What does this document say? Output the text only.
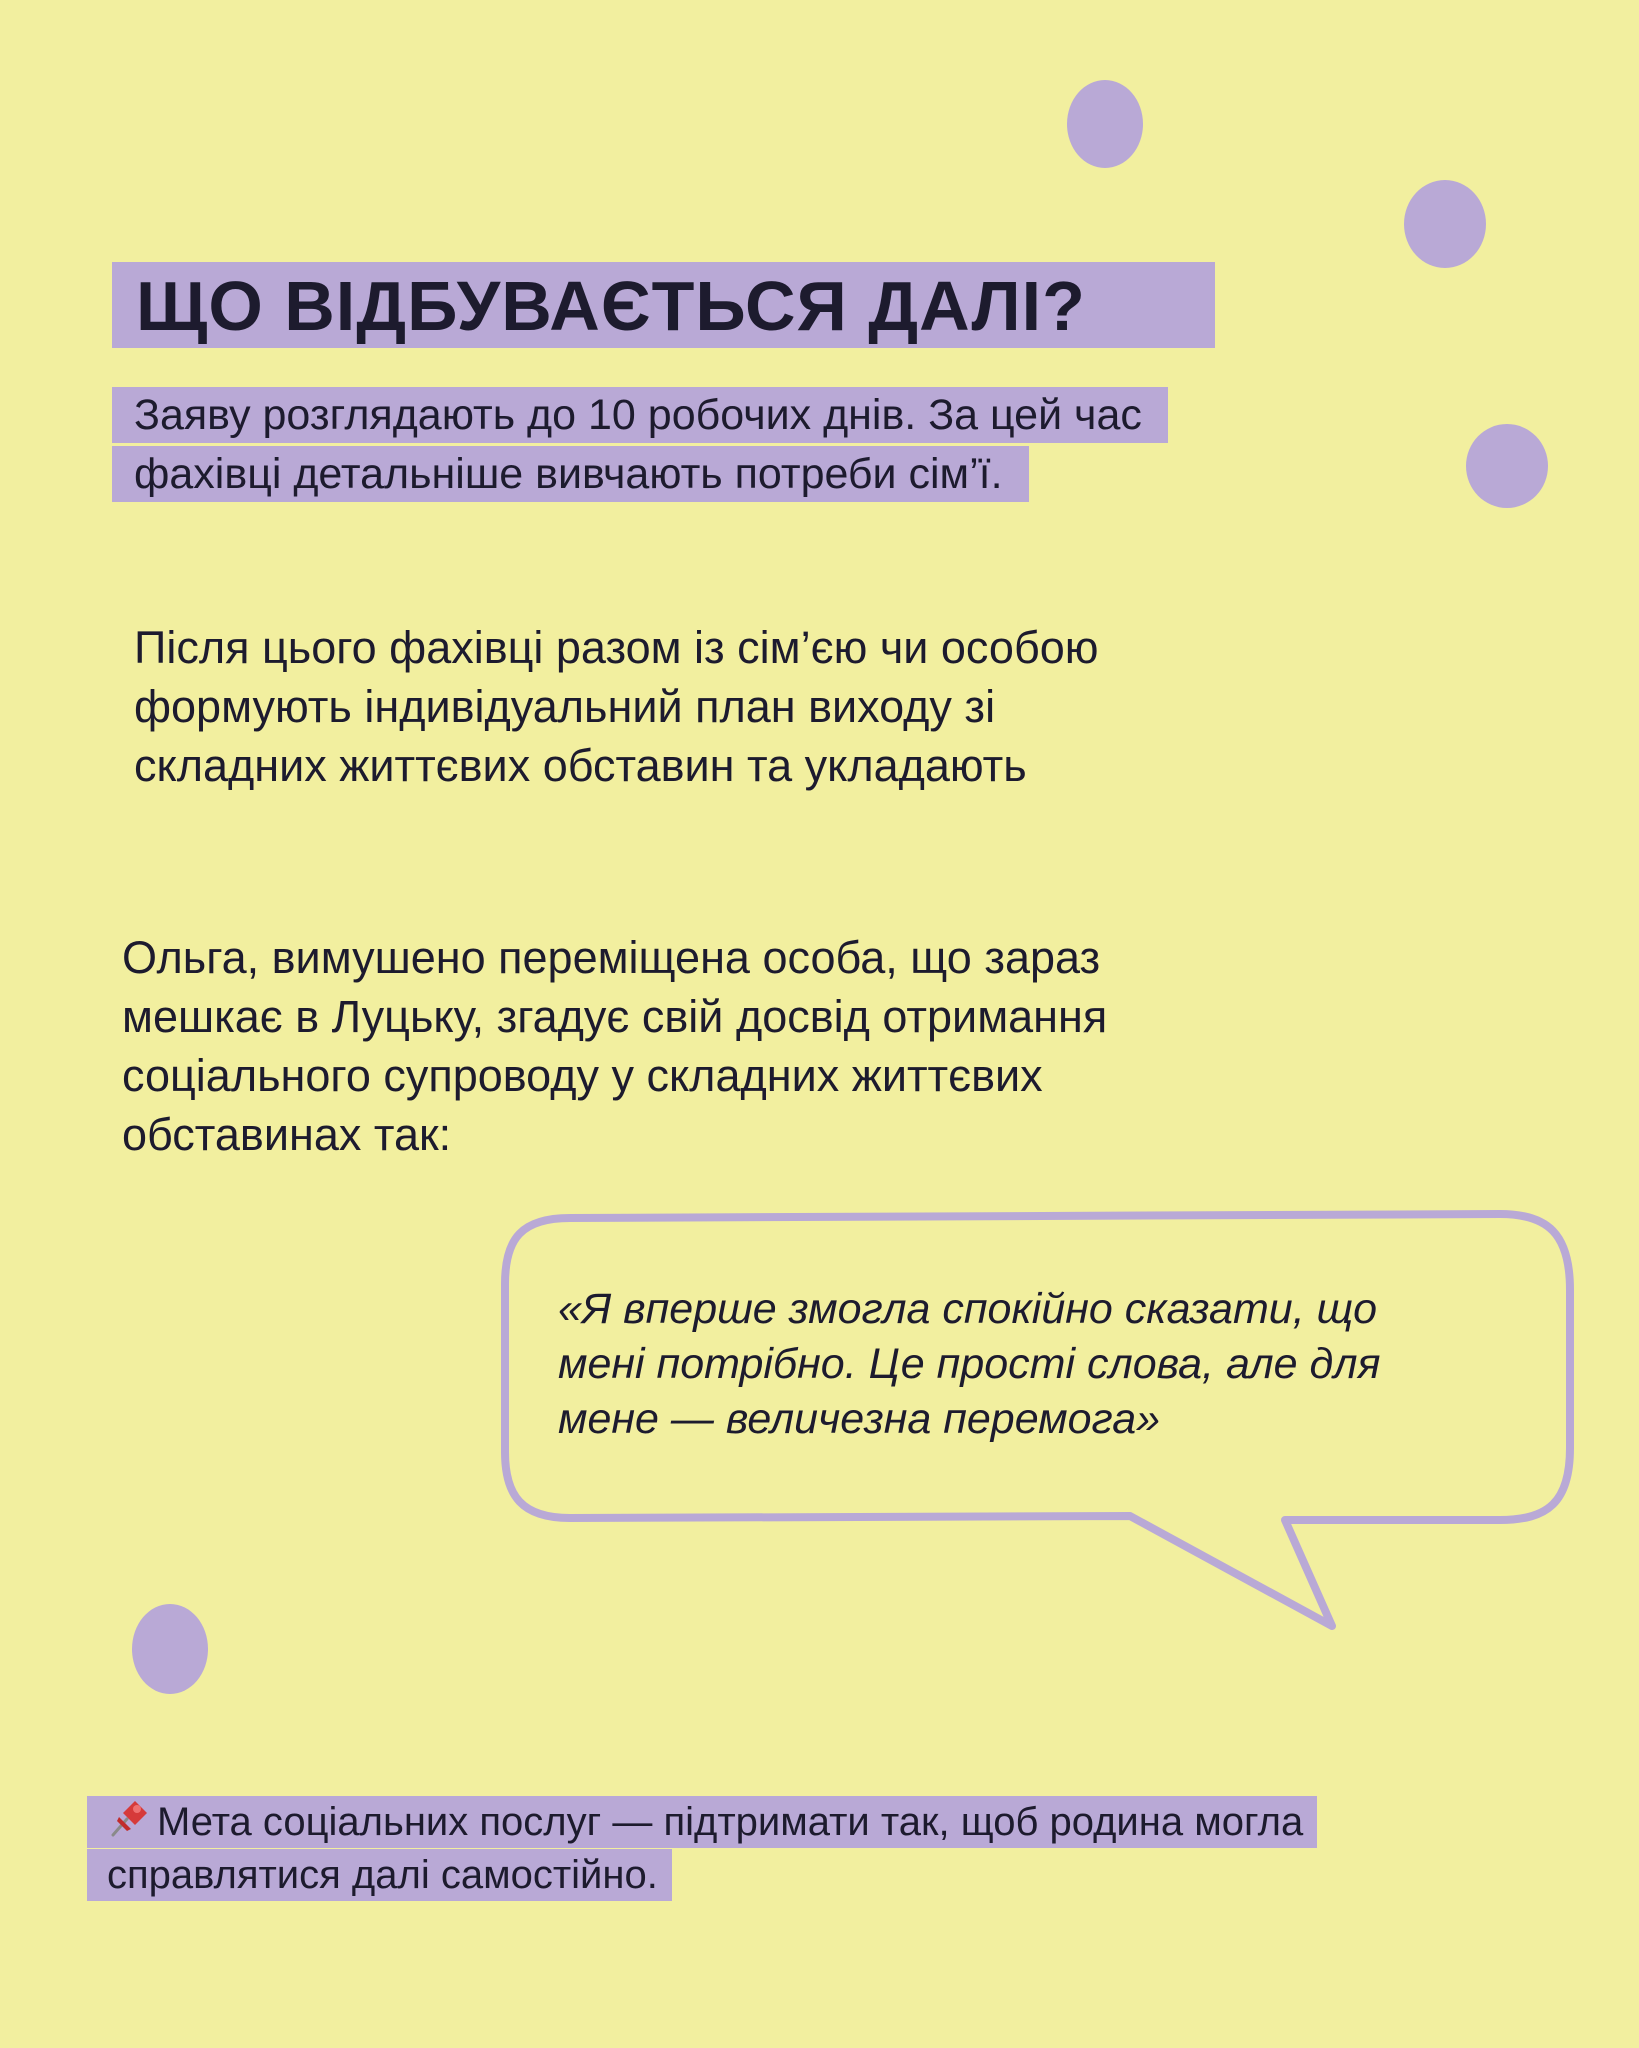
ЩО ВІДБУВАЄТЬСЯ ДАЛІ?
Заяву розглядають до 10 робочих днів. За цей час фахівці детальніше вивчають потреби сім’ї.
Після цього фахівці разом із сім’єю чи особою
формують індивідуальний план виходу зі
складних життєвих обставин та укладають
Ольга, вимушено переміщена особа, що зараз
мешкає в Луцьку, згадує свій досвід отримання
соціального супроводу у складних життєвих
обставинах так:
«Я вперше змогла спокійно сказати, що
мені потрібно. Це прості слова, але для
мене — величезна перемога»
Мета соціальних послуг — підтримати так, щоб родина могла справлятися далі самостійно.
